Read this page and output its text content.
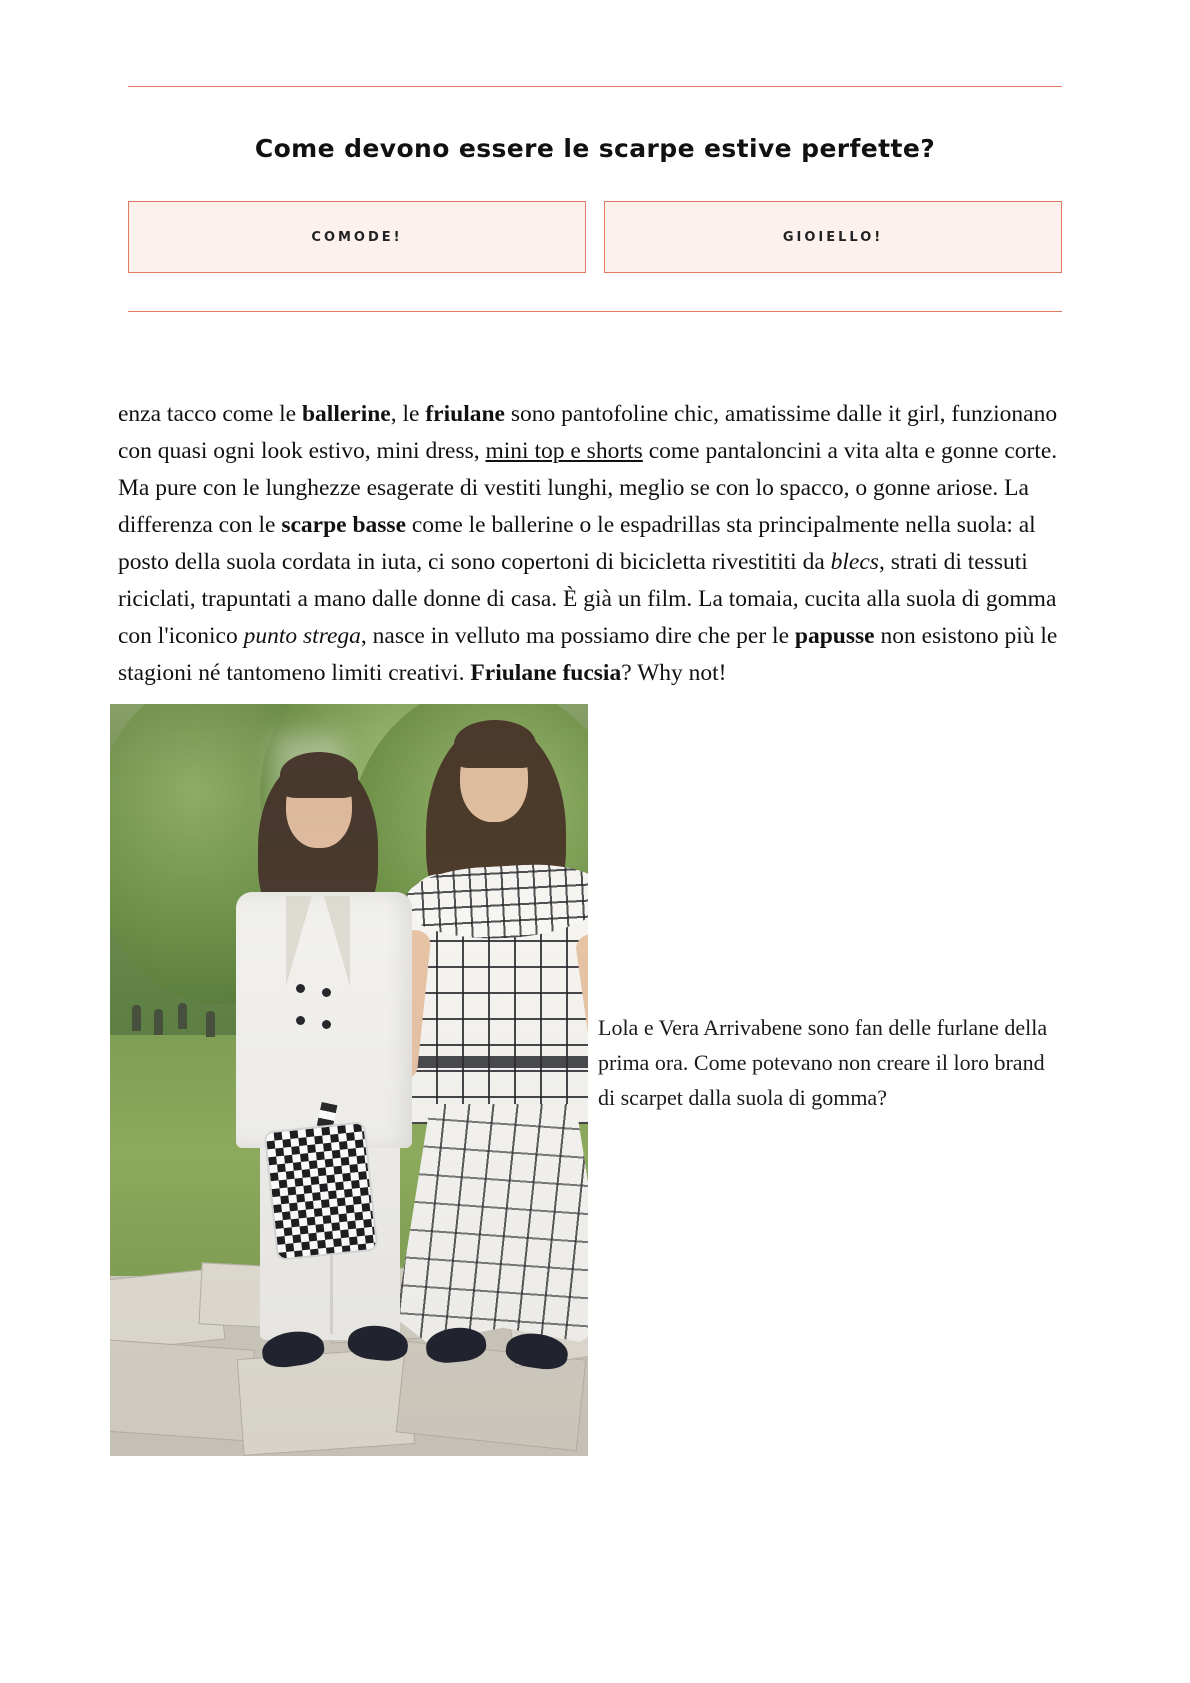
Come devono essere le scarpe estive perfette?
COMODE!	GIOIELLO!

enza tacco come le ballerine, le friulane sono pantofoline chic, amatissime dalle it girl, funzionano con quasi ogni look estivo, mini dress, mini top e shorts come pantaloncini a vita alta e gonne corte. Ma pure con le lunghezze esagerate di vestiti lunghi, meglio se con lo spacco, o gonne ariose. La differenza con le scarpe basse come le ballerine o le espadrillas sta principalmente nella suola: al posto della suola cordata in iuta, ci sono copertoni di bicicletta rivestititi da blecs, strati di tessuti riciclati, trapuntati a mano dalle donne di casa. È già un film. La tomaia, cucita alla suola di gomma con l'iconico punto strega, nasce in velluto ma possiamo dire che per le papusse non esistono più le stagioni né tantomeno limiti creativi. Friulane fucsia? Why not!

Lola e Vera Arrivabene sono fan delle furlane della prima ora. Come potevano non creare il loro brand di scarpet dalla suola di gomma?
